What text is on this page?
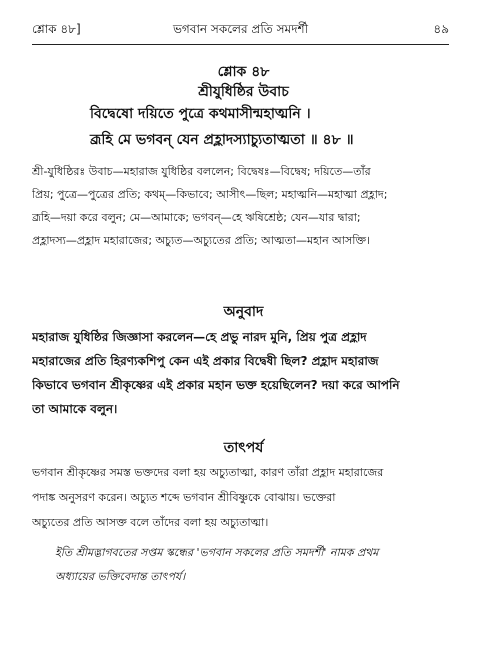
শ্লোক ৪৮]	ভগবান সকলের প্রতি সমদর্শী	৪৯
শ্লোক ৪৮
শ্রীযুধিষ্ঠির উবাচ
বিদ্বেষো দয়িতে পুত্রে কথমাসীন্মহাত্মনি ।
ব্রূহি মে ভগবন্ যেন প্রহ্লাদস্যাচ্যুতাত্মতা ॥ ৪৮ ॥

শ্রী-যুধিষ্ঠিরঃ উবাচ—মহারাজ যুধিষ্ঠির বললেন; বিদ্বেষঃ—বিদ্বেষ; দয়িতে—তাঁর

প্রিয়; পুত্রে—পুত্রের প্রতি; কথম্—কিভাবে; আসীৎ—ছিল; মহাত্মনি—মহাত্মা প্রহ্লাদ;

ব্রূহি—দয়া করে বলুন; মে—আমাকে; ভগবন্—হে ঋষিশ্রেষ্ঠ; যেন—যার দ্বারা;

প্রহ্লাদস্য—প্রহ্লাদ মহারাজের; অচ্যুত—অচ্যুতের প্রতি; আত্মতা—মহান আসক্তি।

অনুবাদ

মহারাজ যুধিষ্ঠির জিজ্ঞাসা করলেন—হে প্রভু নারদ মুনি, প্রিয় পুত্র প্রহ্লাদ

মহারাজের প্রতি হিরণ্যকশিপু কেন এই প্রকার বিদ্বেষী ছিল? প্রহ্লাদ মহারাজ

কিভাবে ভগবান শ্রীকৃষ্ণের এই প্রকার মহান ভক্ত হয়েছিলেন? দয়া করে আপনি

তা আমাকে বলুন।

তাৎপর্য

ভগবান শ্রীকৃষ্ণের সমস্ত ভক্তদের বলা হয় অচ্যুতাত্মা, কারণ তাঁরা প্রহ্লাদ মহারাজের

পদাঙ্ক অনুসরণ করেন। অচ্যুত শব্দে ভগবান শ্রীবিষ্ণুকে বোঝায়। ভক্তেরা

অচ্যুতের প্রতি আসক্ত বলে তাঁদের বলা হয় অচ্যুতাত্মা।

ইতি শ্রীমদ্ভাগবতের সপ্তম স্কন্ধের 'ভগবান সকলের প্রতি সমদর্শী' নামক প্রথম

অধ্যায়ের ভক্তিবেদান্ত তাৎপর্য।
